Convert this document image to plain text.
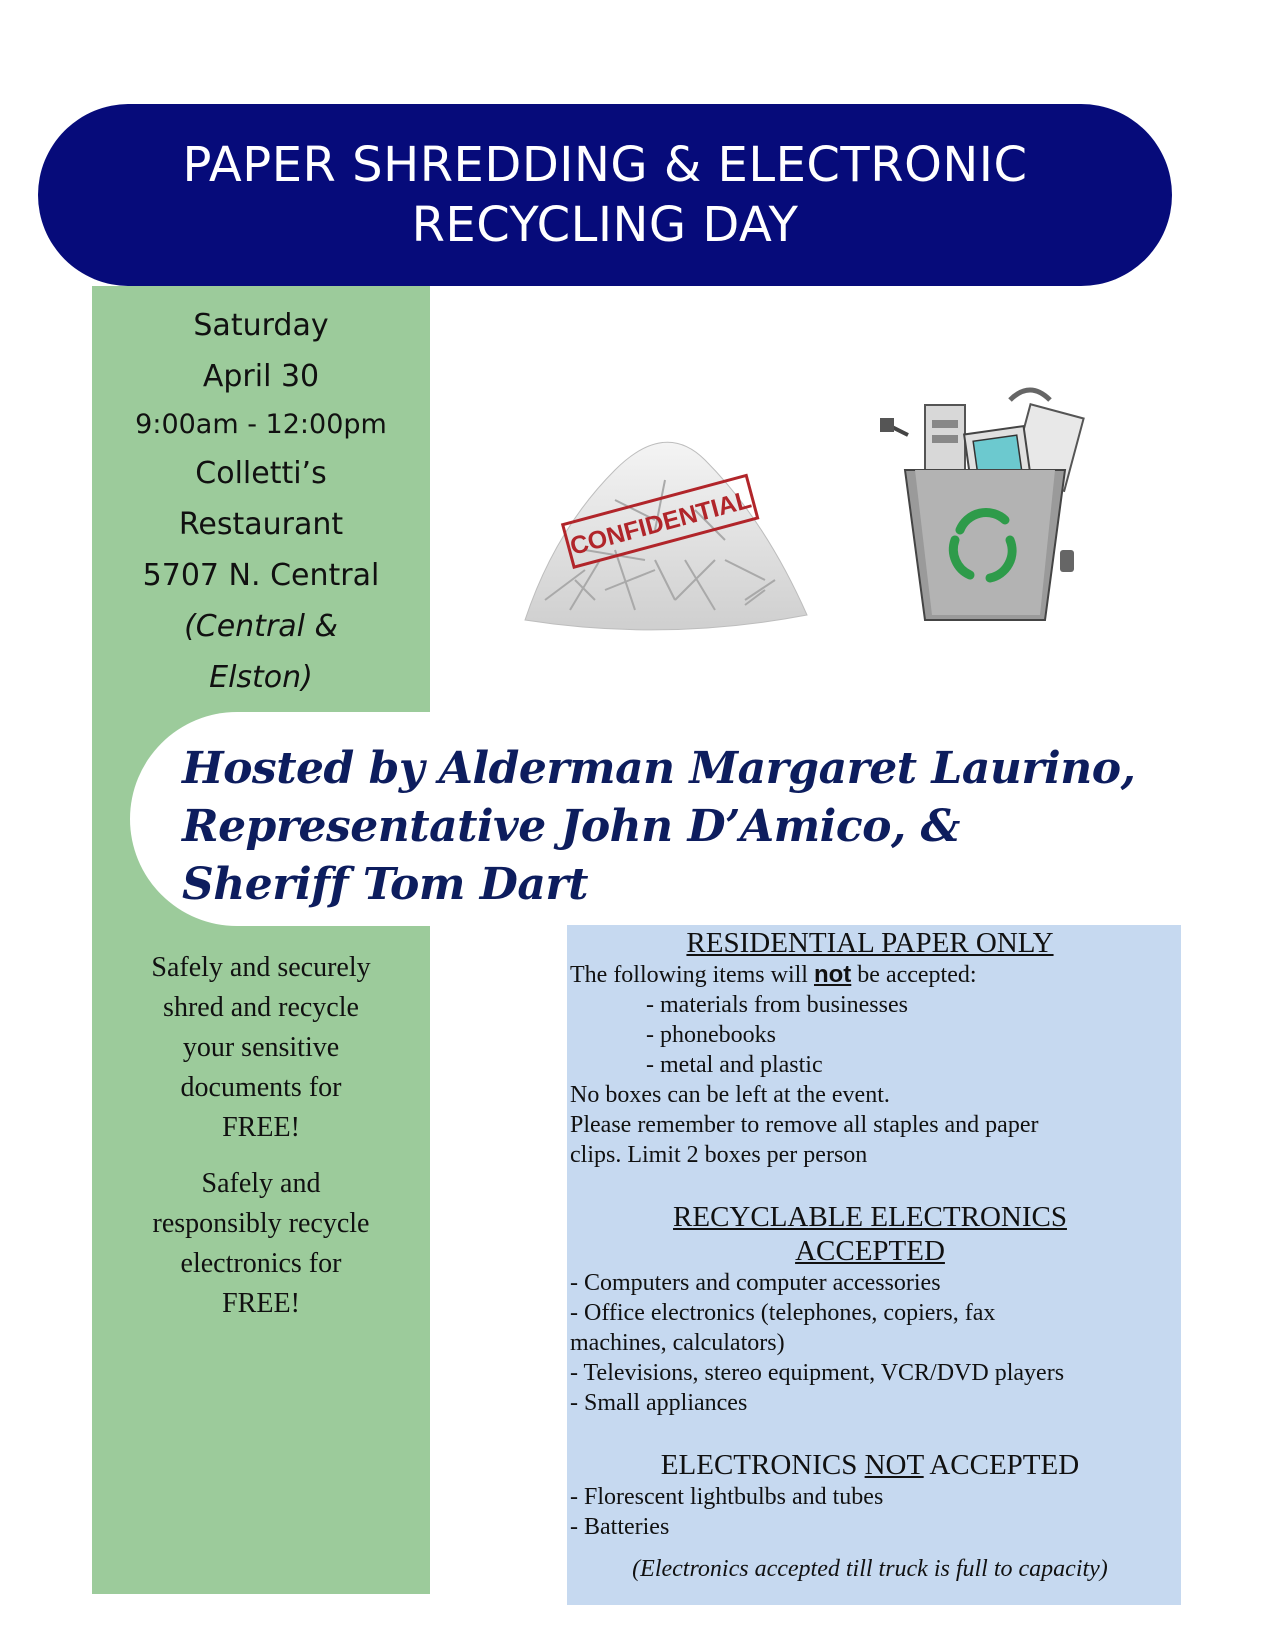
PAPER SHREDDING & ELECTRONIC
RECYCLING DAY
Saturday
April 30
9:00am - 12:00pm
Colletti’s
Restaurant
5707 N. Central
(Central &
Elston)
CONFIDENTIAL
Hosted by Alderman Margaret Laurino,
Representative John D’Amico, &
Sheriff Tom Dart

Safely and securely
shred and recycle
your sensitive
documents for
FREE!

Safely and
responsibly recycle
electronics for
FREE!

RESIDENTIAL PAPER ONLY
The following items will not be accepted:
- materials from businesses
- phonebooks
- metal and plastic
No boxes can be left at the event.
Please remember to remove all staples and paper
clips. Limit 2 boxes per person
RECYCLABLE ELECTRONICS
ACCEPTED
- Computers and computer accessories
- Office electronics (telephones, copiers, fax
machines, calculators)
- Televisions, stereo equipment, VCR/DVD players
- Small appliances
ELECTRONICS NOT ACCEPTED
- Florescent lightbulbs and tubes
- Batteries
(Electronics accepted till truck is full to capacity)
